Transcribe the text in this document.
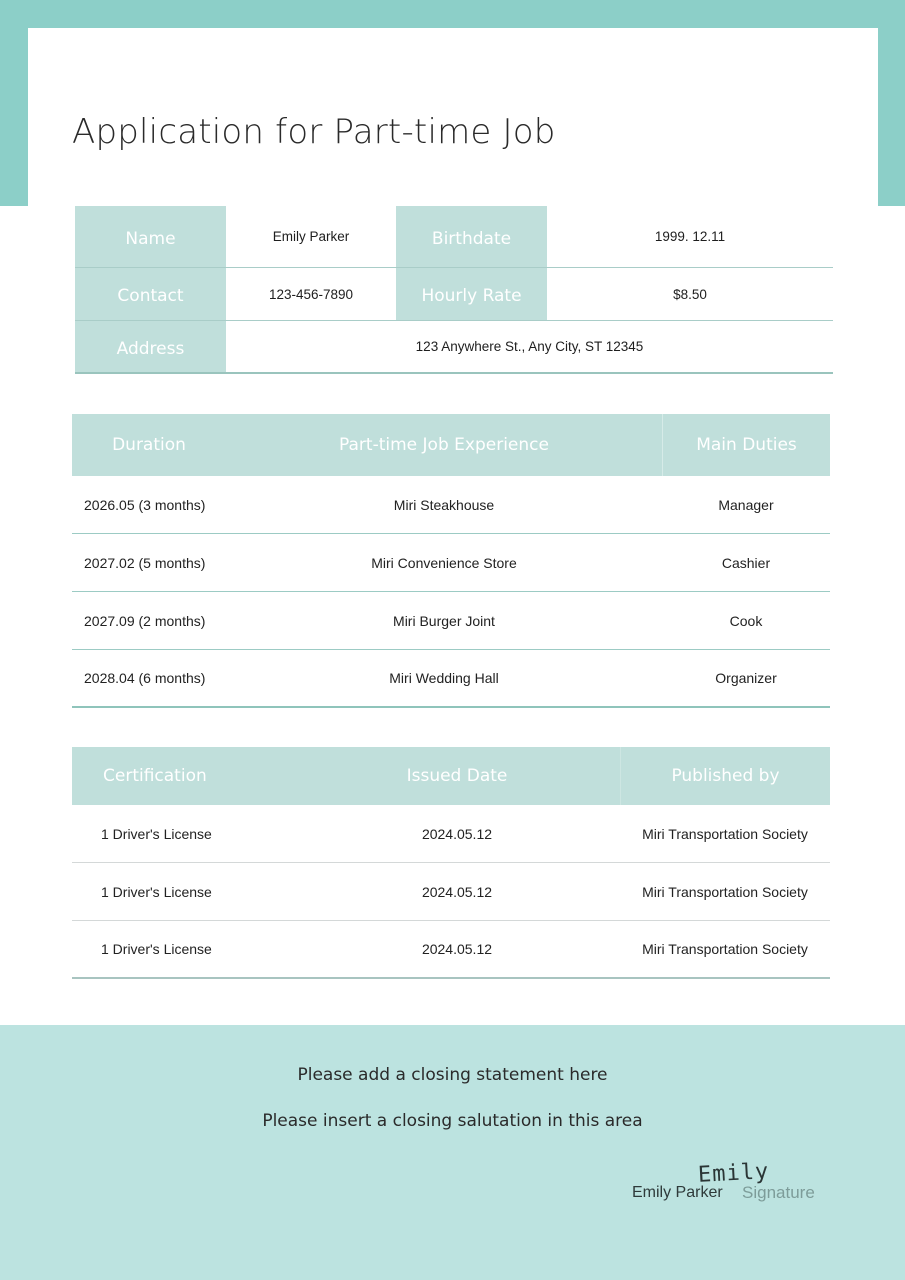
Application for Part-time Job
Name	Emily Parker	Birthdate	1999. 12.11
Contact	123-456-7890	Hourly Rate	$8.50
Address	123 Anywhere St., Any City, ST 12345
Duration	Part-time Job Experience	Main Duties
2026.05 (3 months)	Miri Steakhouse	Manager
2027.02 (5 months)	Miri Convenience Store	Cashier
2027.09 (2 months)	Miri Burger Joint	Cook
2028.04 (6 months)	Miri Wedding Hall	Organizer
Certification	Issued Date	Published by
1 Driver's License	2024.05.12	Miri Transportation Society
1 Driver's License	2024.05.12	Miri Transportation Society
1 Driver's License	2024.05.12	Miri Transportation Society
Please add a closing statement here
Please insert a closing salutation in this area
Emily Parker Signature
Emily
